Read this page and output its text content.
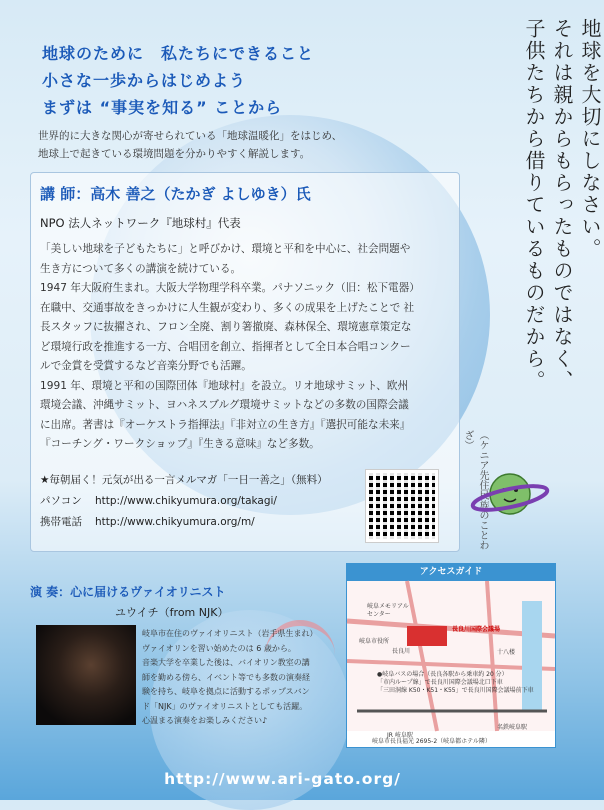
地球のために　私たちにできること
小さな一歩からはじめよう
まずは “事実を知る” ことから
世界的に大きな関心が寄せられている「地球温暖化」をはじめ、
地球上で起きている環境問題を分かりやすく解説します。	地球を大切にしなさい。
それは親からもらったものではなく、
子供たちから借りているものだから。
（ケニア先住民族のことわざ）
講 師：高木 善之（たかぎ よしゆき）氏
NPO 法人ネットワーク『地球村』代表
「美しい地球を子どもたちに」と呼びかけ、環境と平和を中心に、社会問題や
生き方について多くの講演を続けている。
1947 年大阪府生まれ。大阪大学物理学科卒業。パナソニック（旧：松下電器）
在職中、交通事故をきっかけに人生観が変わり、多くの成果を上げたことで 社
長スタッフに抜擢され、フロン全廃、割り箸撤廃、森林保全、環境憲章策定な
ど環境行政を推進する一方、合唱団を創立、指揮者として全日本合唱コンクー
ルで金賞を受賞するなど音楽分野でも活躍。
1991 年、環境と平和の国際団体『地球村』を設立。リオ地球サミット、欧州
環境会議、沖縄サミット、ヨハネスブルグ環境サミットなどの多数の国際会議
に出席。著書は『オーケストラ指揮法』『非対立の生き方』『選択可能な未来』
『コーチング・ワークショップ』『生きる意味』など多数。
★毎朝届く！元気が出る一言メルマガ「一日一善之」（無料）
パソコン http://www.chikyumura.org/takagi/
携帯電話 http://www.chikyumura.org/m/
演 奏：心に届けるヴァイオリニスト
ユウイチ（from NJK）
岐阜市在住のヴァイオリニスト（岩手県生まれ）
ヴァイオリンを習い始めたのは 6 歳から。
音楽大学を卒業した後は、バイオリン教室の講
師を勤める傍ら、イベント等でも多数の演奏経
験を持ち、岐阜を拠点に活動するポップスバン
ド「NJK」のヴァイオリニストとしても活躍。
心温まる演奏をお楽しみください♪
アクセスガイド
岐阜メモリアル
センター
長良川国際会議場
岐阜市役所
長良川	十八楼
JR 岐阜駅
名鉄岐阜駅
●岐阜バスの場合（長良各駅から乗車約 20 分）
「市内ループ線」で長良川国際会議場北口下車
「三田洞線 K50・K51・K55」で長良川国際会議場前下車
岐阜市長良福光 2695-2（岐阜都ホテル隣）
http://www.ari-gato.org/
